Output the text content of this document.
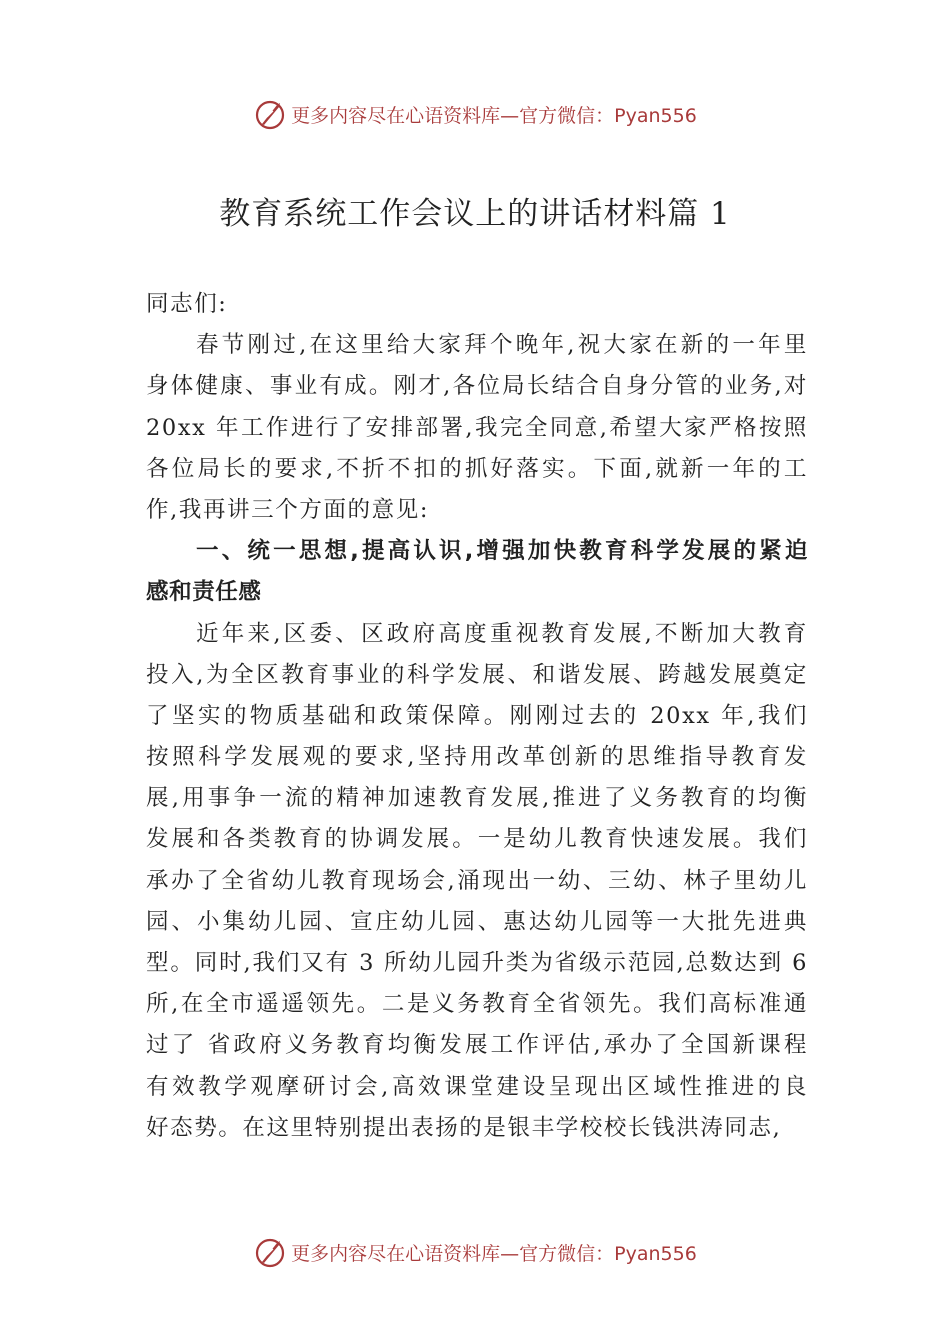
更多内容尽在心语资料库 —官方微信：Pyan556
教育系统工作会议上的讲话材料篇 1
同志们:
春节刚过,在这里给大家拜个晚年,祝大家在新的一年里
身体健康、事业有成。刚才,各位局长结合自身分管的业务,对
20xx 年工作进行了安排部署,我完全同意,希望大家严格按照
各位局长的要求,不折不扣的抓好落实。下面,就新一年的工
作,我再讲三个方面的意见:
一、统一思想,提高认识,增强加快教育科学发展的紧迫
感和责任感
近年来,区委、区政府高度重视教育发展,不断加大教育
投入,为全区教育事业的科学发展、和谐发展、跨越发展奠定
了坚实的物质基础和政策保障。刚刚过去的 20xx 年,我们
按照科学发展观的要求,坚持用改革创新的思维指导教育发
展,用事争一流的精神加速教育发展,推进了义务教育的均衡
发展和各类教育的协调发展。一是幼儿教育快速发展。我们
承办了全省幼儿教育现场会,涌现出一幼、三幼、林子里幼儿
园、小集幼儿园、宣庄幼儿园、惠达幼儿园等一大批先进典
型。同时,我们又有 3 所幼儿园升类为省级示范园,总数达到 6
所,在全市遥遥领先。二是义务教育全省领先。我们高标准通
过了 省政府义务教育均衡发展工作评估,承办了全国新课程
有效教学观摩研讨会,高效课堂建设呈现出区域性推进的良
好态势。在这里特别提出表扬的是银丰学校校长钱洪涛同志,
更多内容尽在心语资料库 —官方微信：Pyan556
